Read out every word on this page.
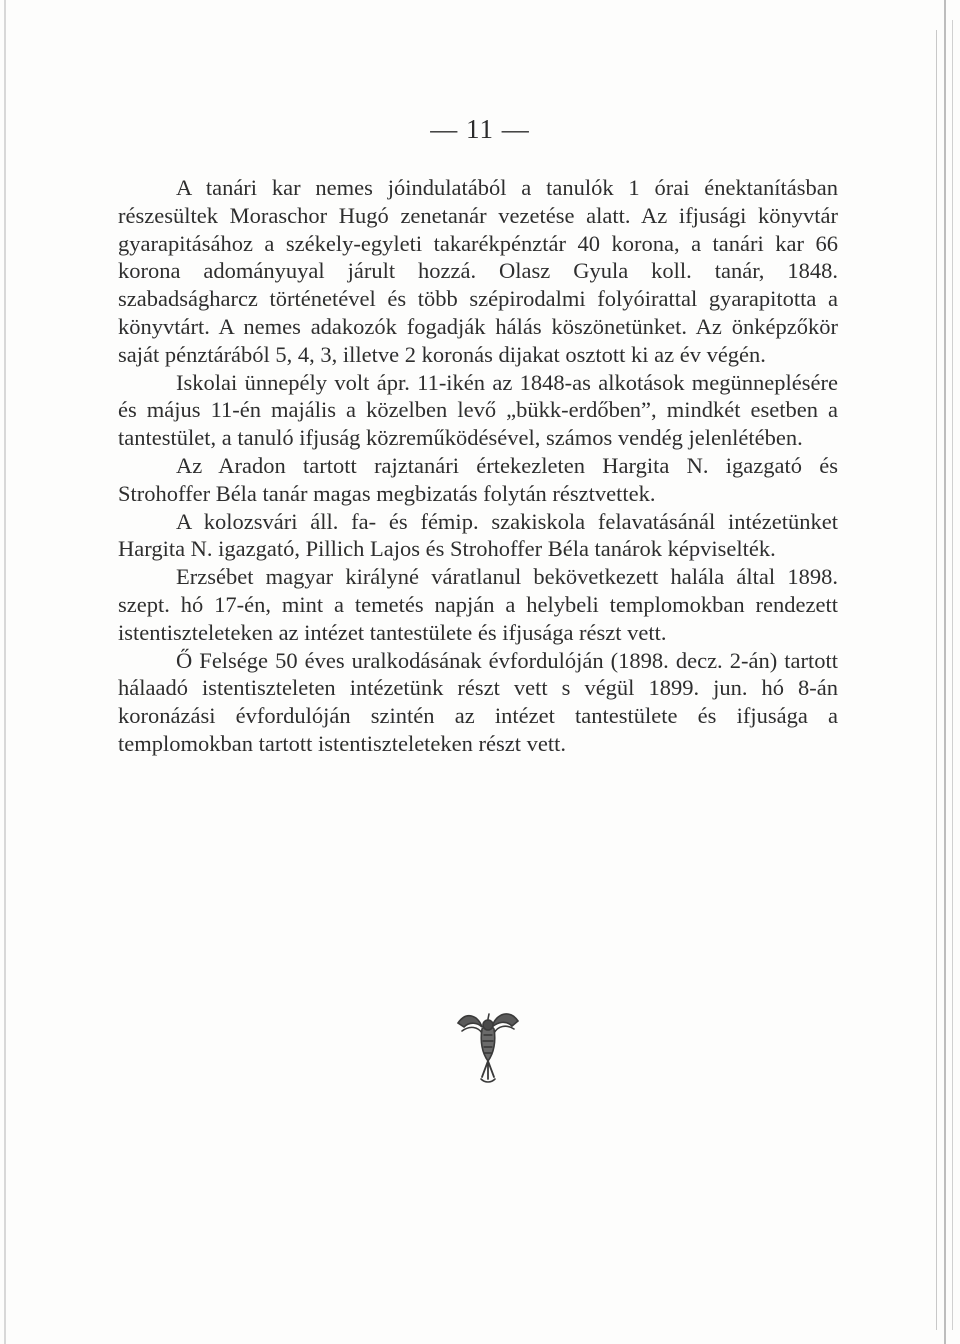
— 11 —

A tanári kar nemes jóindulatából a tanulók 1 órai énektanításban részesültek Moraschor Hugó zenetanár vezetése alatt. Az ifjusági könyvtár gyarapitásához a székely-egyleti takarékpénztár 40 korona, a tanári kar 66 korona adományuyal járult hozzá. Olasz Gyula koll. tanár, 1848. szabadságharcz történetével és több szépirodalmi folyóirattal gyarapitotta a könyvtárt. A nemes adakozók fogadják hálás köszönetünket. Az önképzőkör saját pénztárából 5, 4, 3, illetve 2 koronás dijakat osztott ki az év végén.

Iskolai ünnepély volt ápr. 11-ikén az 1848-as alkotások megünneplésére és május 11-én majális a közelben levő „bükk-erdőben”, mindkét esetben a tantestület, a tanuló ifjuság közreműködésével, számos vendég jelenlétében.

Az Aradon tartott rajztanári értekezleten Hargita N. igazgató és Strohoffer Béla tanár magas megbizatás folytán résztvettek.

A kolozsvári áll. fa- és fémip. szakiskola felavatásánál intézetünket Hargita N. igazgató, Pillich Lajos és Strohoffer Béla tanárok képviselték.

Erzsébet magyar királyné váratlanul bekövetkezett halála által 1898. szept. hó 17-én, mint a temetés napján a helybeli templomokban rendezett istentiszteleteken az intézet tantestülete és ifjusága részt vett.

Ő Felsége 50 éves uralkodásának évfordulóján (1898. decz. 2-án) tartott hálaadó istentiszteleten intézetünk részt vett s végül 1899. jun. hó 8-án koronázási évfordulóján szintén az intézet tantestülete és ifjusága a templomokban tartott istentiszteleteken részt vett.
